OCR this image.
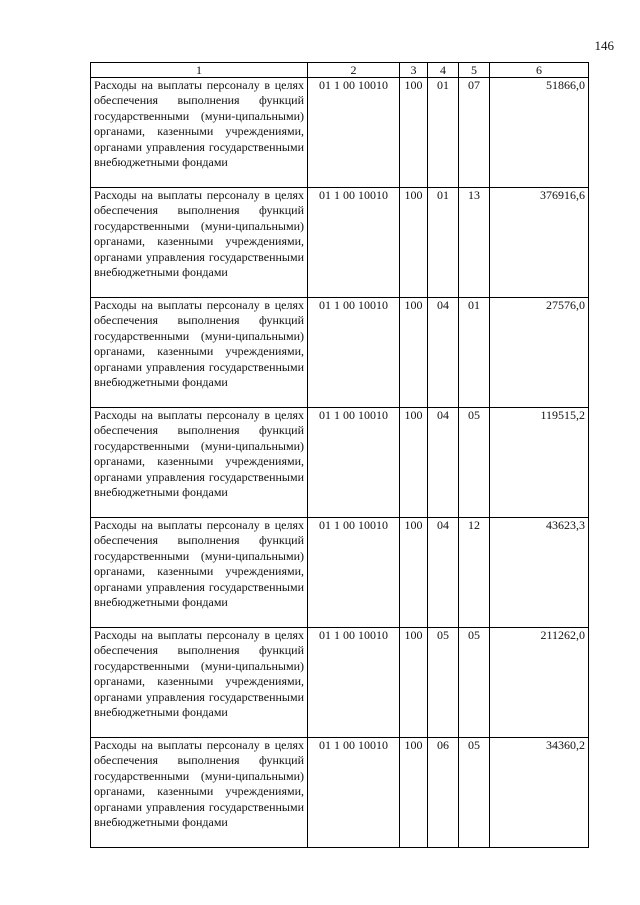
146
1	2	3	4	5	6
Расходы на выплаты персоналу в целях обеспечения выполнения функций государственными (муни-ципальными) органами, казенными учреждениями, органами управления государственными внебюджетными фондами	01 1 00 10010	100	01	07	51866,0
Расходы на выплаты персоналу в целях обеспечения выполнения функций государственными (муни-ципальными) органами, казенными учреждениями, органами управления государственными внебюджетными фондами	01 1 00 10010	100	01	13	376916,6
Расходы на выплаты персоналу в целях обеспечения выполнения функций государственными (муни-ципальными) органами, казенными учреждениями, органами управления государственными внебюджетными фондами	01 1 00 10010	100	04	01	27576,0
Расходы на выплаты персоналу в целях обеспечения выполнения функций государственными (муни-ципальными) органами, казенными учреждениями, органами управления государственными внебюджетными фондами	01 1 00 10010	100	04	05	119515,2
Расходы на выплаты персоналу в целях обеспечения выполнения функций государственными (муни-ципальными) органами, казенными учреждениями, органами управления государственными внебюджетными фондами	01 1 00 10010	100	04	12	43623,3
Расходы на выплаты персоналу в целях обеспечения выполнения функций государственными (муни-ципальными) органами, казенными учреждениями, органами управления государственными внебюджетными фондами	01 1 00 10010	100	05	05	211262,0
Расходы на выплаты персоналу в целях обеспечения выполнения функций государственными (муни-ципальными) органами, казенными учреждениями, органами управления государственными внебюджетными фондами	01 1 00 10010	100	06	05	34360,2
